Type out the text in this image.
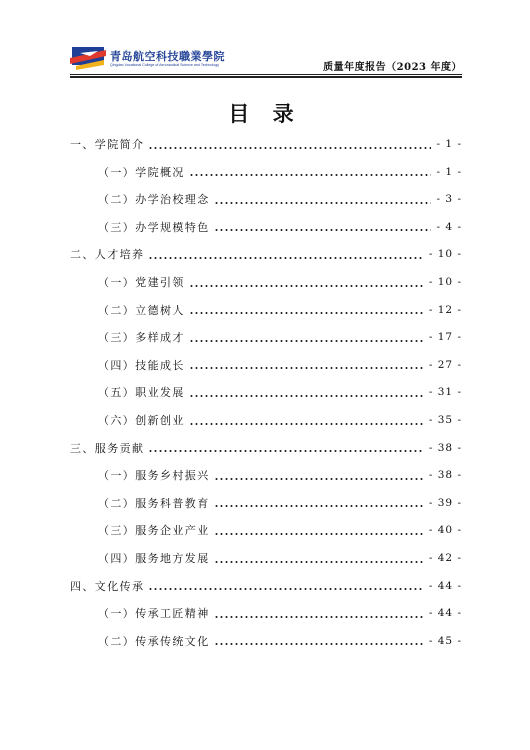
青岛航空科技職業學院
Qingdao Vocational College of Aeronautical Science and Technology	质量年度报告（2023 年度）
目 录
一、学院简介	- 1 -
（一）学院概况	- 1 -
（二）办学治校理念	- 3 -
（三）办学规模特色	- 4 -
二、人才培养	- 10 -
（一）党建引领	- 10 -
（二）立德树人	- 12 -
（三）多样成才	- 17 -
（四）技能成长	- 27 -
（五）职业发展	- 31 -
（六）创新创业	- 35 -
三、服务贡献	- 38 -
（一）服务乡村振兴	- 38 -
（二）服务科普教育	- 39 -
（三）服务企业产业	- 40 -
（四）服务地方发展	- 42 -
四、文化传承	- 44 -
（一）传承工匠精神	- 44 -
（二）传承传统文化	- 45 -
